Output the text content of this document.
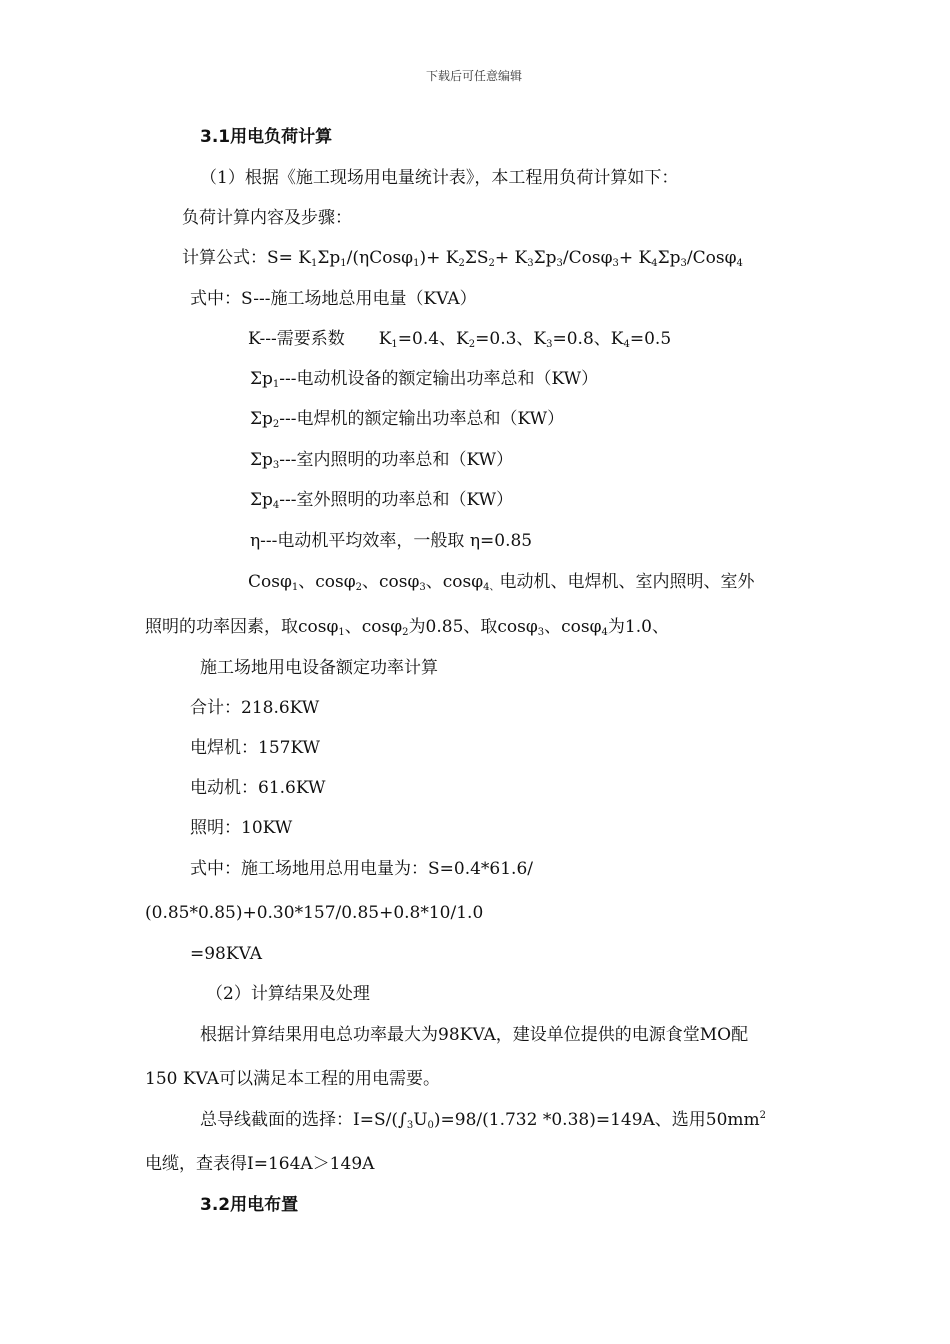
下载后可任意编辑
3.1用电负荷计算
（1）根据《施工现场用电量统计表》，本工程用负荷计算如下：
负荷计算内容及步骤：
计算公式：$S= K_1\Sigma p_1/(\eta Cos\varphi_1)+ K_2\Sigma S_2+ K_3\Sigma p_3/Cos\varphi_3+ K_4\Sigma p_3/Cos\varphi_4$
式中：S---施工场地总用电量（KVA）
K---需要系数　　$K_1=0.4$、$K_2=0.3$、$K_3=0.8$、$K_4=0.5$
$\Sigma p_1---$电动机设备的额定输出功率总和（KW）
$\Sigma p_2---$电焊机的额定输出功率总和（KW）
$\Sigma p_3---$室内照明的功率总和（KW）
$\Sigma p_4---$室外照明的功率总和（KW）
η---电动机平均效率，一般取 η=0.85
Cosφ$_1$、cosφ$_2$、cosφ$_3$、cosφ$_{4、}$电动机、电焊机、室内照明、室外
照明的功率因素，取cosφ$_1$、cosφ$_2$为0.85、取cosφ$_3$、cosφ$_4$为1.0、
施工场地用电设备额定功率计算
合计：218.6KW
电焊机：157KW
电动机：61.6KW
照明：10KW
式中：施工场地用总用电量为：S=0.4*61.6/
(0.85*0.85)+0.30*157/0.85+0.8*10/1.0
=98KVA
（2）计算结果及处理
根据计算结果用电总功率最大为98KVA，建设单位提供的电源食堂MO配
150 KVA可以满足本工程的用电需要。
总导线截面的选择：$I=S/(\int_3U_0)=98/(1.732$ *0.38)=149A、选用$50mm^2$
电缆，查表得I=164A＞149A
3.2用电布置
